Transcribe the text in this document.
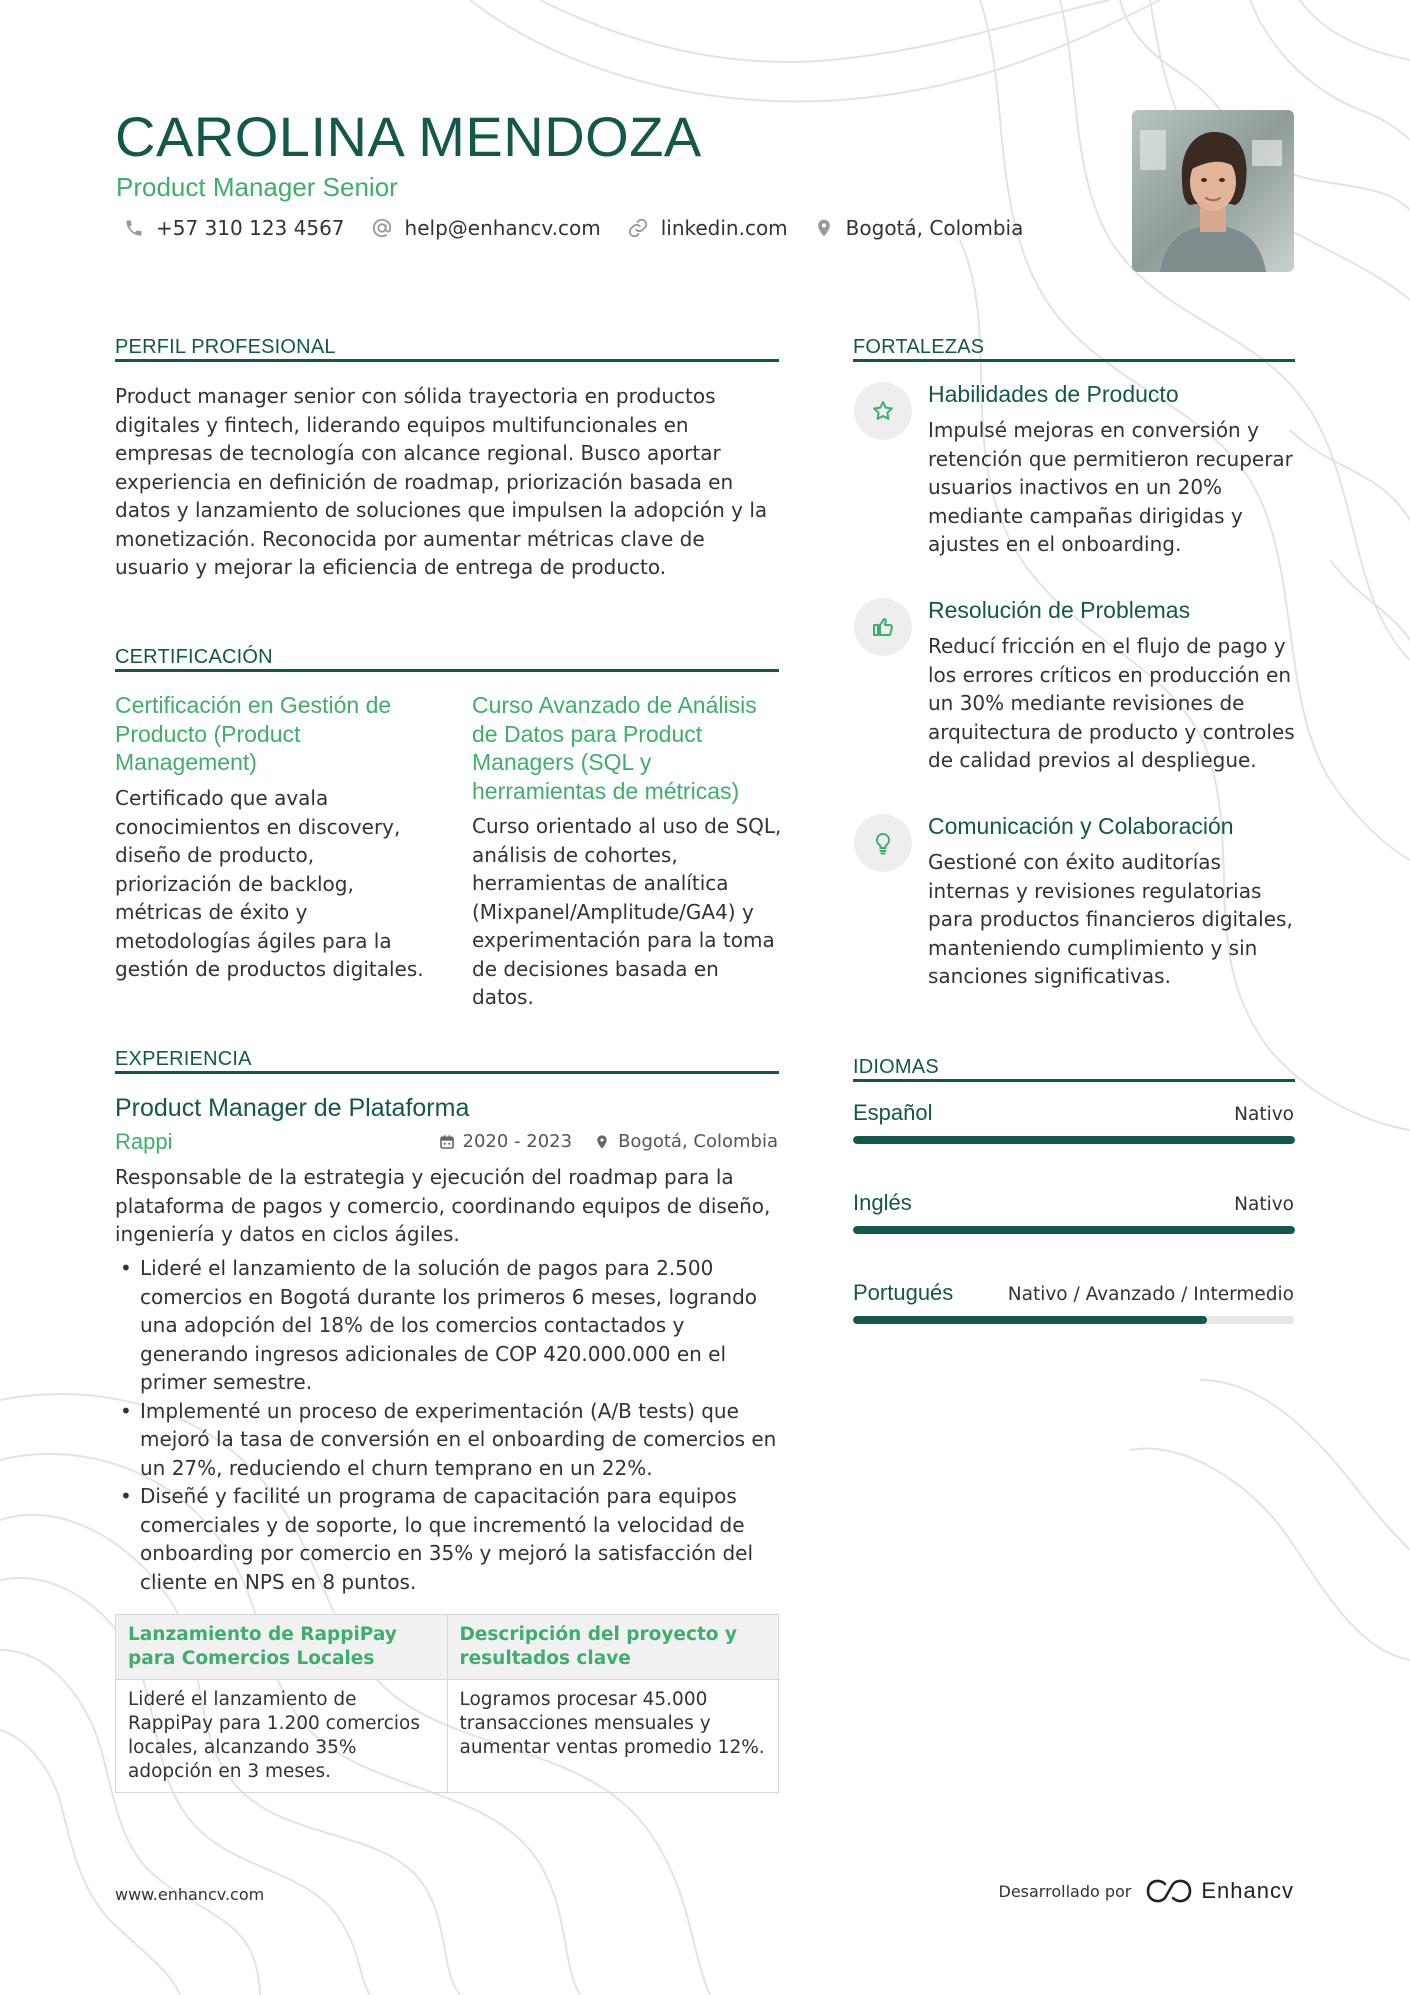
CAROLINA MENDOZA
Product Manager Senior
+57 310 123 4567	help@enhancv.com	linkedin.com	Bogotá, Colombia
PERFIL PROFESIONAL
Product manager senior con sólida trayectoria en productos digitales y fintech, liderando equipos multifuncionales en empresas de tecnología con alcance regional. Busco aportar experiencia en definición de roadmap, priorización basada en datos y lanzamiento de soluciones que impulsen la adopción y la monetización. Reconocida por aumentar métricas clave de usuario y mejorar la eficiencia de entrega de producto.
CERTIFICACIÓN
Certificación en Gestión de Producto (Product Management)
Certificado que avala conocimientos en discovery, diseño de producto, priorización de backlog, métricas de éxito y metodologías ágiles para la gestión de productos digitales.
Curso Avanzado de Análisis de Datos para Product Managers (SQL y herramientas de métricas)
Curso orientado al uso de SQL, análisis de cohortes, herramientas de analítica (Mixpanel/Amplitude/GA4) y experimentación para la toma de decisiones basada en datos.
EXPERIENCIA
Product Manager de Plataforma
Rappi	2020 - 2023	Bogotá, Colombia
Responsable de la estrategia y ejecución del roadmap para la plataforma de pagos y comercio, coordinando equipos de diseño, ingeniería y datos en ciclos ágiles.
• Lideré el lanzamiento de la solución de pagos para 2.500 comercios en Bogotá durante los primeros 6 meses, logrando una adopción del 18% de los comercios contactados y generando ingresos adicionales de COP 420.000.000 en el primer semestre.
• Implementé un proceso de experimentación (A/B tests) que mejoró la tasa de conversión en el onboarding de comercios en un 27%, reduciendo el churn temprano en un 22%.
• Diseñé y facilité un programa de capacitación para equipos comerciales y de soporte, lo que incrementó la velocidad de onboarding por comercio en 35% y mejoró la satisfacción del cliente en NPS en 8 puntos.
Lanzamiento de RappiPay para Comercios Locales	Descripción del proyecto y resultados clave
Lideré el lanzamiento de RappiPay para 1.200 comercios locales, alcanzando 35% adopción en 3 meses.	Logramos procesar 45.000 transacciones mensuales y aumentar ventas promedio 12%.
FORTALEZAS
Habilidades de Producto
Impulsé mejoras en conversión y retención que permitieron recuperar usuarios inactivos en un 20% mediante campañas dirigidas y ajustes en el onboarding.
Resolución de Problemas
Reducí fricción en el flujo de pago y los errores críticos en producción en un 30% mediante revisiones de arquitectura de producto y controles de calidad previos al despliegue.
Comunicación y Colaboración
Gestioné con éxito auditorías internas y revisiones regulatorias para productos financieros digitales, manteniendo cumplimiento y sin sanciones significativas.
IDIOMAS
Español	Nativo
Inglés	Nativo
Portugués	Nativo / Avanzado / Intermedio
www.enhancv.com	Desarrollado por	Enhancv
